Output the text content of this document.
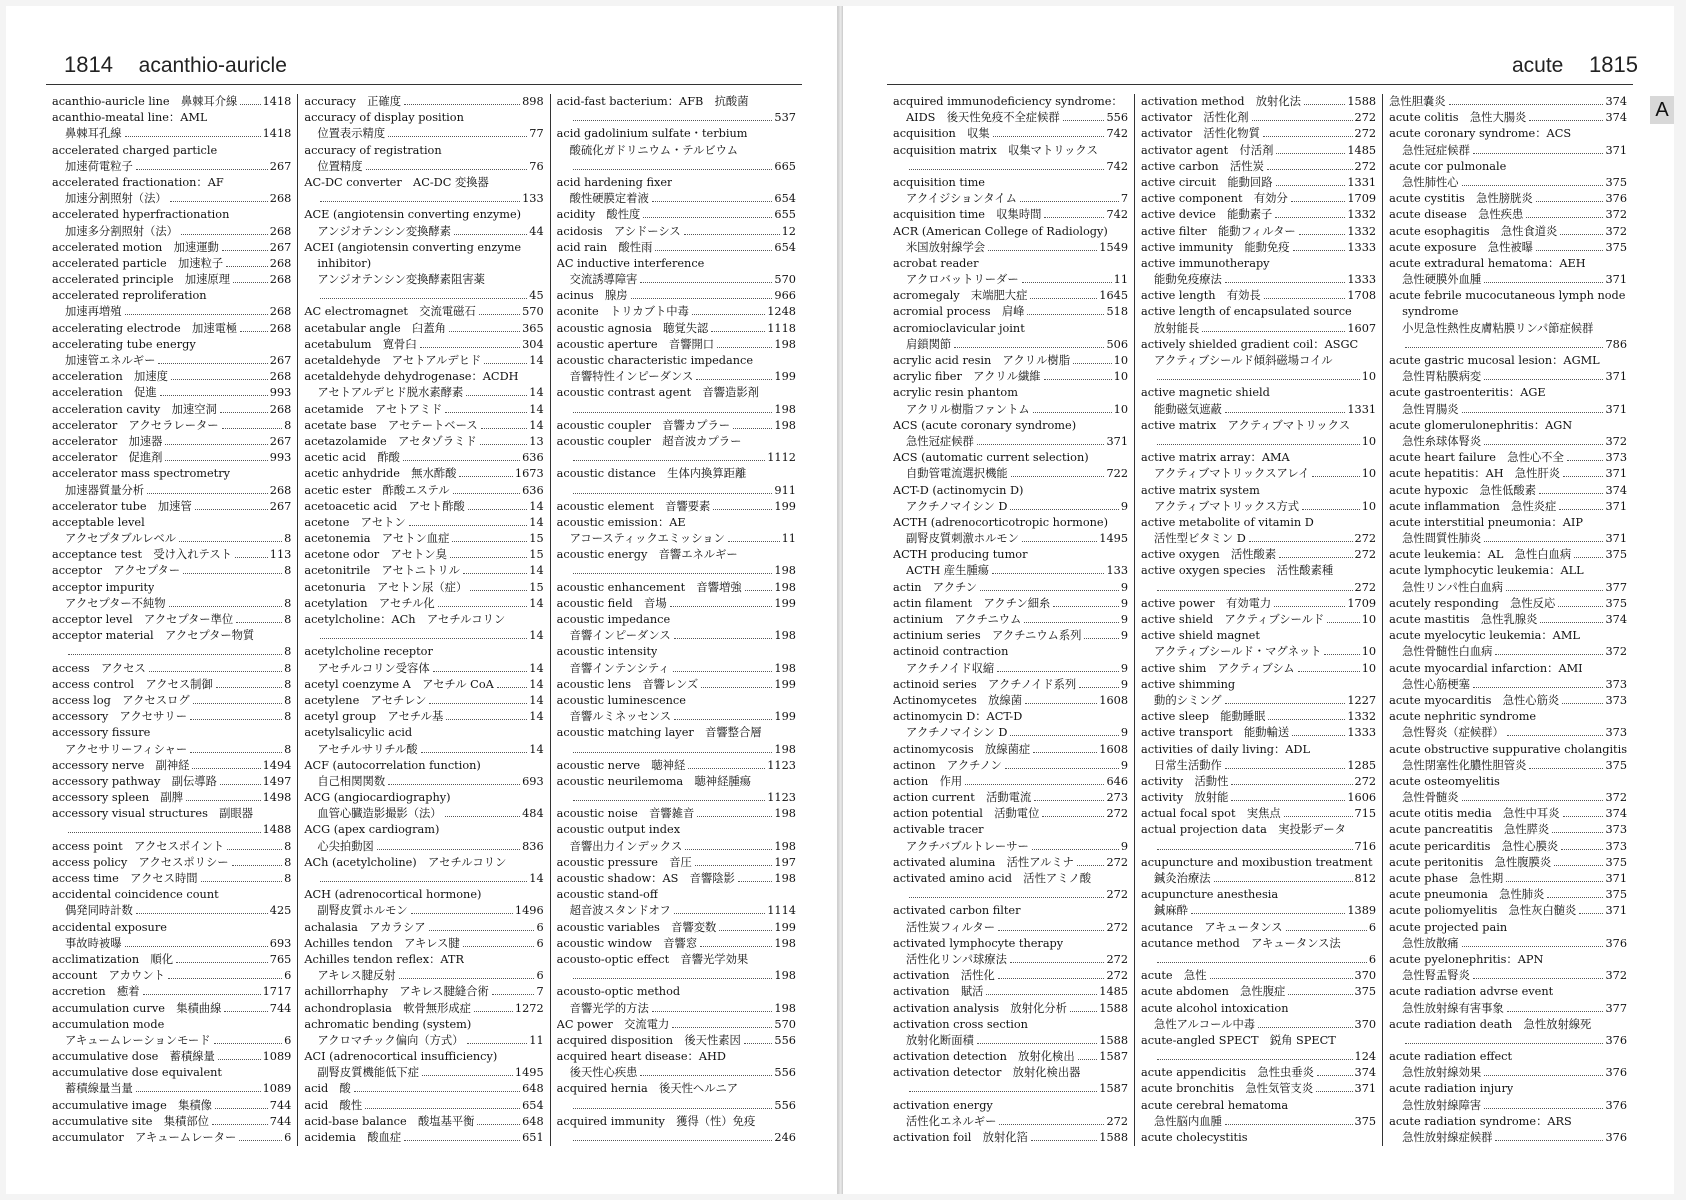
1814 acanthio-auricle
acanthio-auricle line　鼻棘耳介線 1418
acanthio-meatal line：AML
鼻棘耳孔線	1418
accelerated charged particle
加速荷電粒子	267
accelerated fractionation：AF
加速分割照射（法）	268
accelerated hyperfractionation
加速多分割照射（法）	268
accelerated motion　加速運動	267
accelerated particle　加速粒子	268
accelerated principle　加速原理	268
accelerated reproliferation
加速再増殖	268
accelerating electrode　加速電極	268
accelerating tube energy
加速管エネルギー	267
acceleration　加速度	268
acceleration　促進	993
acceleration cavity　加速空洞	268
accelerator　アクセラレーター	8
accelerator　加速器	267
accelerator　促進剤	993
accelerator mass spectrometry
加速器質量分析	268
accelerator tube　加速管	267
acceptable level
アクセプタブルレベル	8
acceptance test　受け入れテスト	113
acceptor　アクセプター	8
acceptor impurity
アクセプター不純物	8
acceptor level　アクセプター準位	8
acceptor material　アクセプター物質
8
access　アクセス	8
access control　アクセス制御	8
access log　アクセスログ	8
accessory　アクセサリー	8
accessory fissure
アクセサリーフィシャー	8
accessory nerve　副神経	1494
accessory pathway　副伝導路	1497
accessory spleen　副脾	1498
accessory visual structures　副眼器
1488
access point　アクセスポイント	8
access policy　アクセスポリシー	8
access time　アクセス時間	8
accidental coincidence count
偶発同時計数	425
accidental exposure
事故時被曝	693
acclimatization　順化	765
account　アカウント	6
accretion　癒着	1717
accumulation curve　集積曲線	744
accumulation mode
アキュームレーションモード	6
accumulative dose　蓄積線量	1089
accumulative dose equivalent
蓄積線量当量	1089
accumulative image　集積像	744
accumulative site　集積部位	744
accumulator　アキュームレーター	6
accuracy　正確度	898
accuracy of display position
位置表示精度	77
accuracy of registration
位置精度	76
AC-DC converter　AC-DC 変換器
133
ACE (angiotensin converting enzyme)
アンジオテンシン変換酵素	44
ACEI (angiotensin converting enzyme
inhibitor)
アンジオテンシン変換酵素阻害薬
45
AC electromagnet　交流電磁石	570
acetabular angle　臼蓋角	365
acetabulum　寛骨臼	304
acetaldehyde　アセトアルデヒド	14
acetaldehyde dehydrogenase：ACDH
アセトアルデヒド脱水素酵素	14
acetamide　アセトアミド	14
acetate base　アセテートベース	14
acetazolamide　アセタゾラミド	13
acetic acid　酢酸	636
acetic anhydride　無水酢酸	1673
acetic ester　酢酸エステル	636
acetoacetic acid　アセト酢酸	14
acetone　アセトン	14
acetonemia　アセトン血症	15
acetone odor　アセトン臭	15
acetonitrile　アセトニトリル	14
acetonuria　アセトン尿（症）	15
acetylation　アセチル化	14
acetylcholine：ACh　アセチルコリン
14
acetylcholine receptor
アセチルコリン受容体	14
acetyl coenzyme A　アセチル CoA	14
acetylene　アセチレン	14
acetyl group　アセチル基	14
acetylsalicylic acid
アセチルサリチル酸	14
ACF (autocorrelation function)
自己相関関数	693
ACG (angiocardiography)
血管心臓造影撮影（法）	484
ACG (apex cardiogram)
心尖拍動図	836
ACh (acetylcholine)　アセチルコリン
14
ACH (adrenocortical hormone)
副腎皮質ホルモン	1496
achalasia　アカラシア	6
Achilles tendon　アキレス腱	6
Achilles tendon reflex：ATR
アキレス腱反射	6
achillorrhaphy　アキレス腱縫合術	7
achondroplasia　軟骨無形成症	1272
achromatic bending (system)
アクロマチック偏向（方式）	11
ACI (adrenocortical insufficiency)
副腎皮質機能低下症	1495
acid　酸	648
acid　酸性	654
acid-base balance　酸塩基平衡	648
acidemia　酸血症	651
acid-fast bacterium：AFB　抗酸菌
537
acid gadolinium sulfate・terbium
酸硫化ガドリニウム・テルビウム
665
acid hardening fixer
酸性硬膜定着液	654
acidity　酸性度	655
acidosis　アシドーシス	12
acid rain　酸性雨	654
AC inductive interference
交流誘導障害	570
acinus　腺房	966
aconite　トリカブト中毒	1248
acoustic agnosia　聴覚失認	1118
acoustic aperture　音響開口	198
acoustic characteristic impedance
音響特性インピーダンス	199
acoustic contrast agent　音響造影剤
198
acoustic coupler　音響カプラー	198
acoustic coupler　超音波カプラー
1112
acoustic distance　生体内換算距離
911
acoustic element　音響要素	199
acoustic emission：AE
アコースティックエミッション	11
acoustic energy　音響エネルギー
198
acoustic enhancement　音響増強	198
acoustic field　音場	199
acoustic impedance
音響インピーダンス	198
acoustic intensity
音響インテンシティ	198
acoustic lens　音響レンズ	199
acoustic luminescence
音響ルミネッセンス	199
acoustic matching layer　音響整合層
198
acoustic nerve　聴神経	1123
acoustic neurilemoma　聴神経腫瘍
1123
acoustic noise　音響雑音	198
acoustic output index
音響出力インデックス	198
acoustic pressure　音圧	197
acoustic shadow：AS　音響陰影	198
acoustic stand-off
超音波スタンドオフ	1114
acoustic variables　音響変数	199
acoustic window　音響窓	198
acousto-optic effect　音響光学効果
198
acousto-optic method
音響光学的方法	198
AC power　交流電力	570
acquired disposition　後天性素因	556
acquired heart disease：AHD
後天性心疾患	556
acquired hernia　後天性ヘルニア
556
acquired immunity　獲得（性）免疫
246
acute 1815
acquired immunodeficiency syndrome：
AIDS　後天性免疫不全症候群	556
acquisition　収集	742
acquisition matrix　収集マトリックス
742
acquisition time
アクイジションタイム	7
acquisition time　収集時間	742
ACR (American College of Radiology)
米国放射線学会	1549
acrobat reader
アクロバットリーダー	11
acromegaly　末端肥大症	1645
acromial process　肩峰	518
acromioclavicular joint
肩鎖関節	506
acrylic acid resin　アクリル樹脂	10
acrylic fiber　アクリル繊維	10
acrylic resin phantom
アクリル樹脂ファントム	10
ACS (acute coronary syndrome)
急性冠症候群	371
ACS (automatic current selection)
自動管電流選択機能	722
ACT-D (actinomycin D)
アクチノマイシン D	9
ACTH (adrenocorticotropic hormone)
副腎皮質刺激ホルモン	1495
ACTH producing tumor
ACTH 産生腫瘍	133
actin　アクチン	9
actin filament　アクチン細糸	9
actinium　アクチニウム	9
actinium series　アクチニウム系列	9
actinoid contraction
アクチノイド収縮	9
actinoid series　アクチノイド系列	9
Actinomycetes　放線菌	1608
actinomycin D：ACT-D
アクチノマイシン D	9
actinomycosis　放線菌症	1608
actinon　アクチノン	9
action　作用	646
action current　活動電流	273
action potential　活動電位	272
activable tracer
アクチバブルトレーサー	9
activated alumina　活性アルミナ	272
activated amino acid　活性アミノ酸
272
activated carbon filter
活性炭フィルター	272
activated lymphocyte therapy
活性化リンパ球療法	272
activation　活性化	272
activation　賦活	1485
activation analysis　放射化分析	1588
activation cross section
放射化断面積	1588
activation detection　放射化検出 1587
activation detector　放射化検出器
1587
activation energy
活性化エネルギー	272
activation foil　放射化箔	1588
activation method　放射化法	1588
activator　活性化剤	272
activator　活性化物質	272
activator agent　付活剤	1485
active carbon　活性炭	272
active circuit　能動回路	1331
active component　有効分	1709
active device　能動素子	1332
active filter　能動フィルター	1332
active immunity　能動免疫	1333
active immunotherapy
能動免疫療法	1333
active length　有効長	1708
active length of encapsulated source
放射能長	1607
actively shielded gradient coil：ASGC
アクティブシールド傾斜磁場コイル
10
active magnetic shield
能動磁気遮蔽	1331
active matrix　アクティブマトリックス
10
active matrix array：AMA
アクティブマトリックスアレイ	10
active matrix system
アクティブマトリックス方式	10
active metabolite of vitamin D
活性型ビタミン D	272
active oxygen　活性酸素	272
active oxygen species　活性酸素種
272
active power　有効電力	1709
active shield　アクティブシールド	10
active shield magnet
アクティブシールド・マグネット	10
active shim　アクティブシム	10
active shimming
動的シミング	1227
active sleep　能動睡眠	1332
active transport　能動輸送	1333
activities of daily living：ADL
日常生活動作	1285
activity　活動性	272
activity　放射能	1606
actual focal spot　実焦点	715
actual projection data　実投影データ
716
acupuncture and moxibustion treatment
鍼灸治療法	812
acupuncture anesthesia
鍼麻酔	1389
acutance　アキュータンス	6
acutance method　アキュータンス法
6
acute　急性	370
acute abdomen　急性腹症	375
acute alcohol intoxication
急性アルコール中毒	370
acute-angled SPECT　鋭角 SPECT
124
acute appendicitis　急性虫垂炎	374
acute bronchitis　急性気管支炎	371
acute cerebral hematoma
急性脳内血腫	375
acute cholecystitis
急性胆嚢炎	374
acute colitis　急性大腸炎	374
acute coronary syndrome：ACS
急性冠症候群	371
acute cor pulmonale
急性肺性心	375
acute cystitis　急性膀胱炎	376
acute disease　急性疾患	372
acute esophagitis　急性食道炎	372
acute exposure　急性被曝	375
acute extradural hematoma：AEH
急性硬膜外血腫	371
acute febrile mucocutaneous lymph node
syndrome
小児急性熱性皮膚粘膜リンパ節症候群
786
acute gastric mucosal lesion：AGML
急性胃粘膜病変	371
acute gastroenteritis：AGE
急性胃腸炎	371
acute glomerulonephritis：AGN
急性糸球体腎炎	372
acute heart failure　急性心不全	373
acute hepatitis：AH　急性肝炎	371
acute hypoxic　急性低酸素	374
acute inflammation　急性炎症	371
acute interstitial pneumonia：AIP
急性間質性肺炎	371
acute leukemia：AL　急性白血病	375
acute lymphocytic leukemia：ALL
急性リンパ性白血病	377
acutely responding　急性反応	375
acute mastitis　急性乳腺炎	374
acute myelocytic leukemia：AML
急性骨髄性白血病	372
acute myocardial infarction：AMI
急性心筋梗塞	373
acute myocarditis　急性心筋炎	373
acute nephritic syndrome
急性腎炎（症候群）	373
acute obstructive suppurative cholangitis
急性閉塞性化膿性胆管炎	375
acute osteomyelitis
急性骨髄炎	372
acute otitis media　急性中耳炎	374
acute pancreatitis　急性膵炎	373
acute pericarditis　急性心膜炎	373
acute peritonitis　急性腹膜炎	375
acute phase　急性期	371
acute pneumonia　急性肺炎	375
acute poliomyelitis　急性灰白髄炎	371
acute projected pain
急性放散痛	376
acute pyelonephritis：APN
急性腎盂腎炎	372
acute radiation advrse event
急性放射線有害事象	377
acute radiation death　急性放射線死
376
acute radiation effect
急性放射線効果	376
acute radiation injury
急性放射線障害	376
acute radiation syndrome：ARS
急性放射線症候群	376
A
